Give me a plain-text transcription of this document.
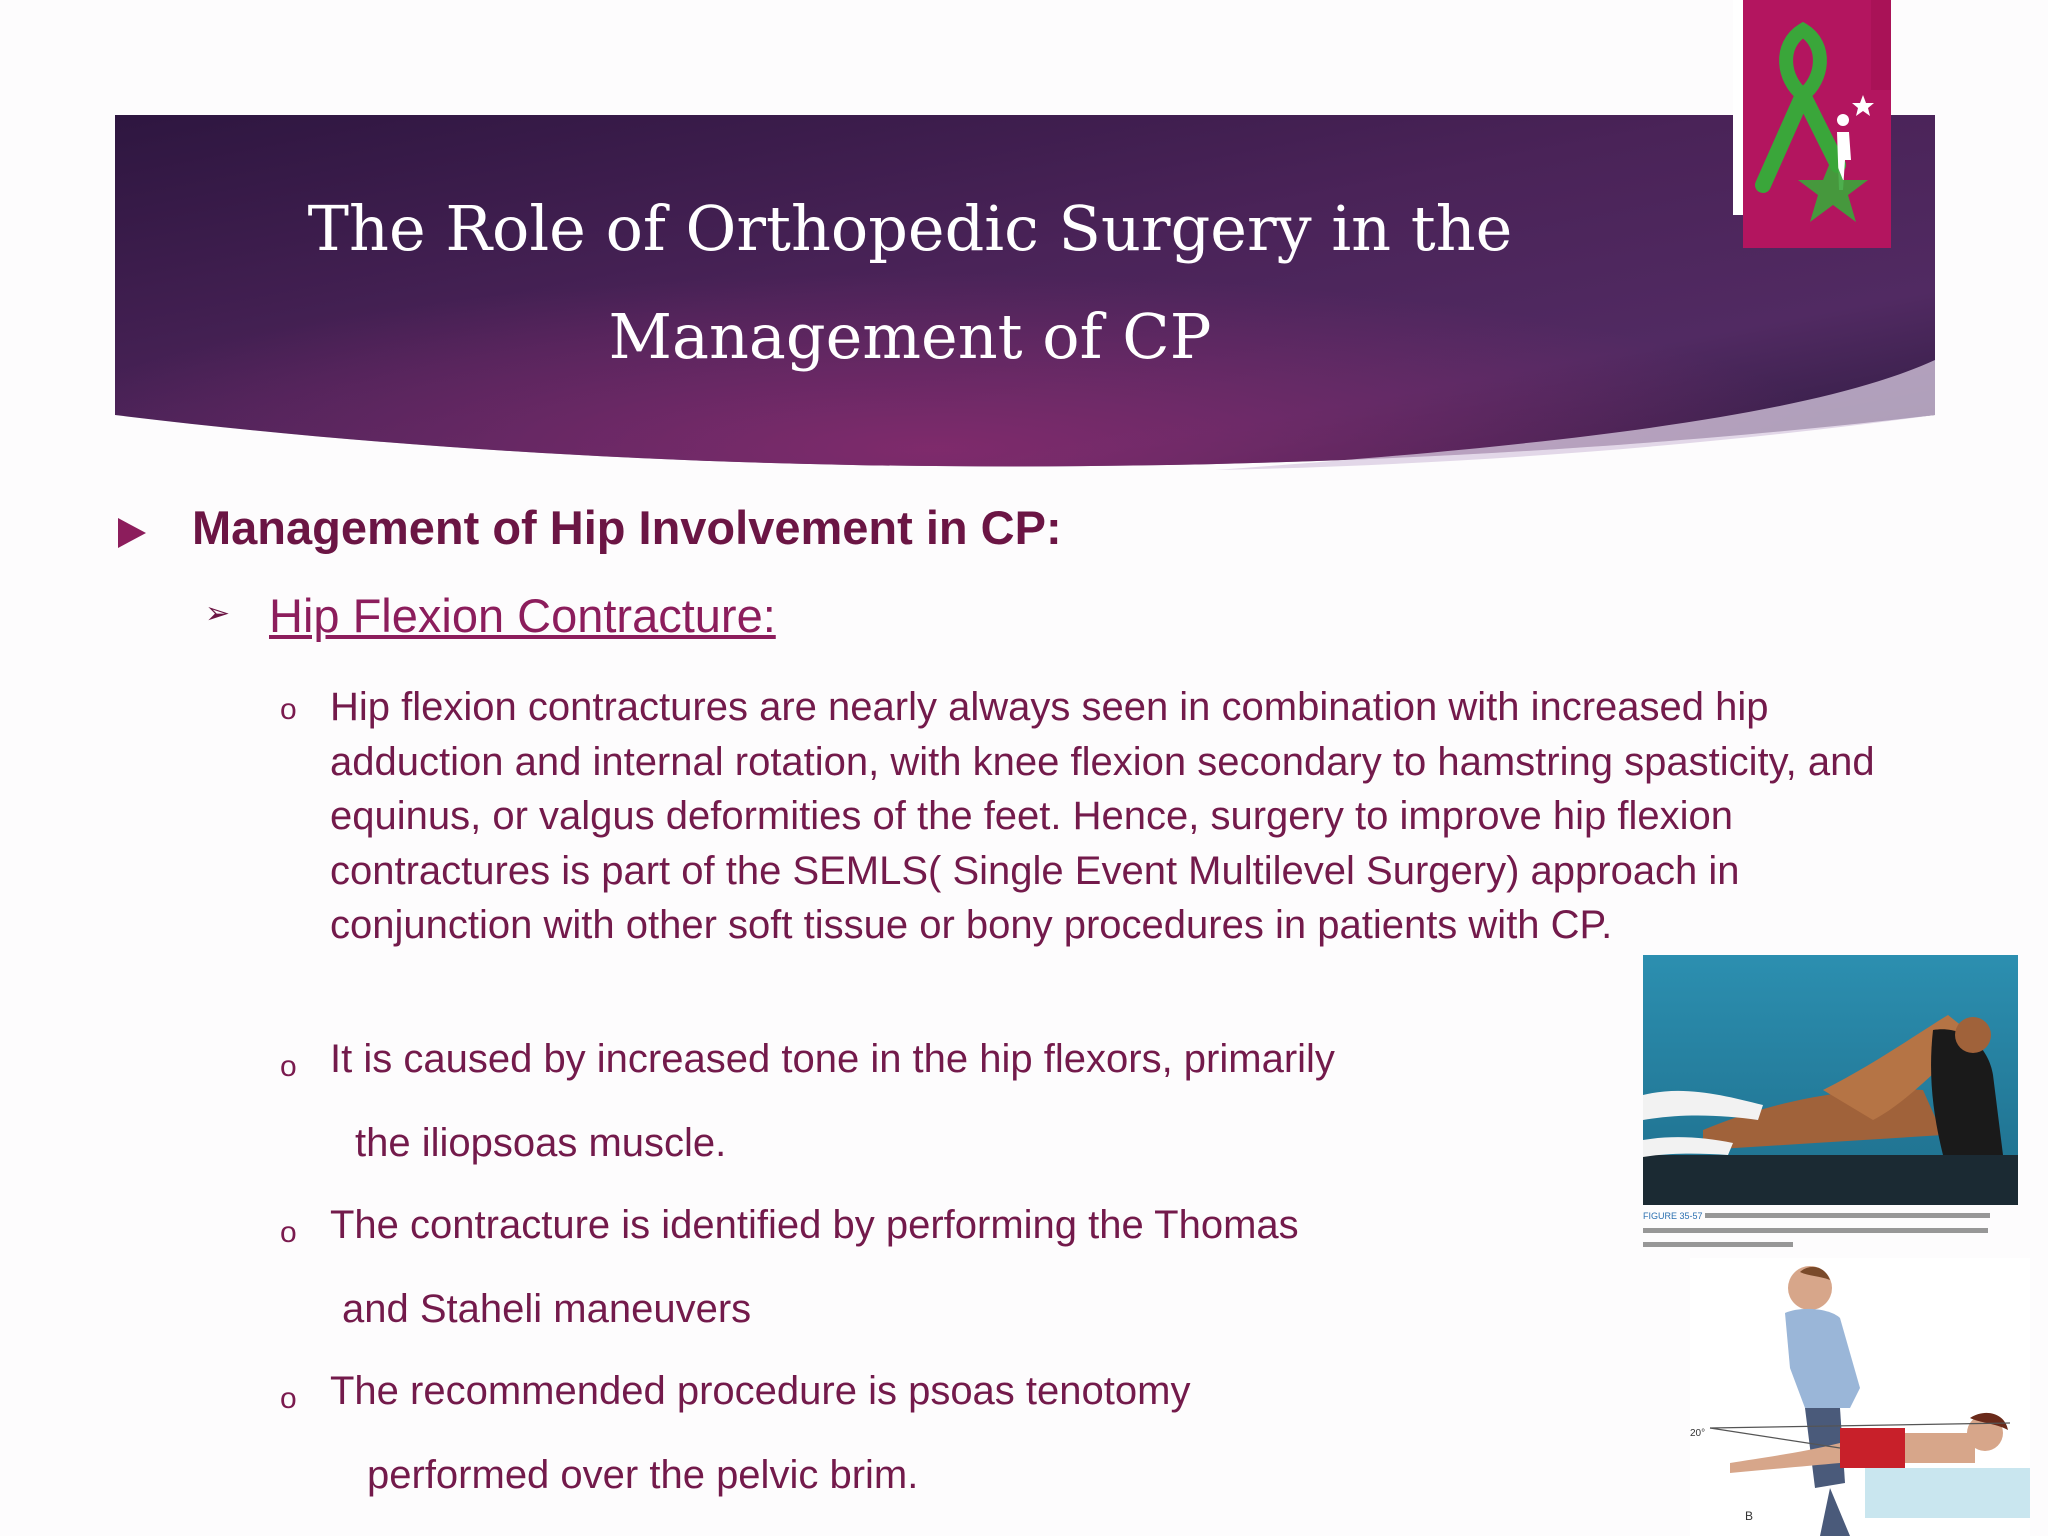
The Role of Orthopedic Surgery in the
Management of CP
Management of Hip Involvement in CP:
➢ Hip Flexion Contracture:
o Hip flexion contractures are nearly always seen in combination with increased hip adduction and internal rotation, with knee flexion secondary to hamstring spasticity, and equinus, or valgus deformities of the feet. Hence, surgery to improve hip flexion contractures is part of the SEMLS( Single Event Multilevel Surgery) approach in conjunction with other soft tissue or bony procedures in patients with CP.
o It is caused by increased tone in the hip flexors, primarily
the iliopsoas muscle.
o The contracture is identified by performing the Thomas
and Staheli maneuvers
o The recommended procedure is psoas tenotomy
performed over the pelvic brim.
FIGURE 35-57
20°
B
